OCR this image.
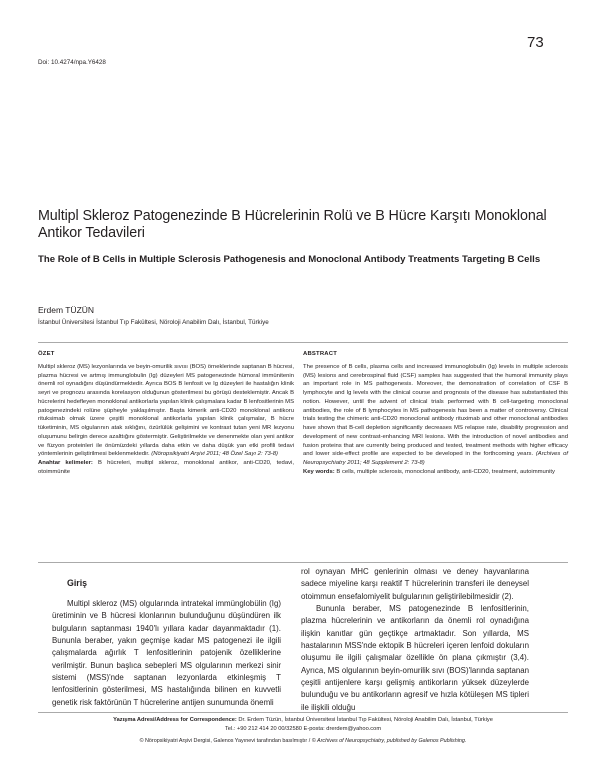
73
Doi: 10.4274/npa.Y6428
Multipl Skleroz Patogenezinde B Hücrelerinin Rolü ve B Hücre Karşıtı Monoklonal Antikor Tedavileri
The Role of B Cells in Multiple Sclerosis Pathogenesis and Monoclonal Antibody Treatments Targeting B Cells
Erdem TÜZÜN
İstanbul Üniversitesi İstanbul Tıp Fakültesi, Nöroloji Anabilim Dalı, İstanbul, Türkiye
ÖZET
Multipl skleroz (MS) lezyonlarında ve beyin-omurilik sıvısı (BOS) örneklerinde saptanan B hücresi, plazma hücresi ve artmış immunglobulin (Ig) düzeyleri MS patogenezinde hümoral immünitenin önemli rol oynadığını düşündürmektedir. Ayrıca BOS B lenfosit ve Ig düzeyleri ile hastalığın klinik seyri ve prognozu arasında korelasyon olduğunun gösterilmesi bu görüşü desteklemiştir. Ancak B hücrelerini hedefleyen monoklonal antikorlarla yapılan klinik çalışmalara kadar B lenfositlerinin MS patogenezindeki rolüne şüpheyle yaklaşılmıştır. Başta kimerik anti-CD20 monoklonal antikoru rituksimab olmak üzere çeşitli monoklonal antikorlarla yapılan klinik çalışmalar, B hücre tüketiminin, MS olgularının atak sıklığını, özürlülük gelişimini ve kontrast tutan yeni MR lezyonu oluşumunu belirgin derece azalttığını göstermiştir. Geliştirilmekte ve denenmekte olan yeni antikor ve füzyon proteinleri ile önümüzdeki yıllarda daha etkin ve daha düşük yan etki profili tedavi yöntemlerinin geliştirilmesi beklenmektedir. (Nöropsikiyatri Arşivi 2011; 48 Özel Sayı 2: 73-8)
Anahtar kelimeler: B hücreleri, multipl skleroz, monoklonal antikor, anti-CD20, tedavi, otoimmünite
ABSTRACT
The presence of B cells, plasma cells and increased immunoglobulin (Ig) levels in multiple sclerosis (MS) lesions and cerebrospinal fluid (CSF) samples has suggested that the humoral immunity plays an important role in MS pathogenesis. Moreover, the demonstration of correlation of CSF B lymphocyte and Ig levels with the clinical course and prognosis of the disease has substantiated this notion. However, until the advent of clinical trials performed with B cell-targeting monoclonal antibodies, the role of B lymphocytes in MS pathogenesis has been a matter of controversy. Clinical trials testing the chimeric anti-CD20 monoclonal antibody rituximab and other monoclonal antibodies have shown that B-cell depletion significantly decreases MS relapse rate, disability progression and development of new contrast-enhancing MRI lesions. With the introduction of novel antibodies and fusion proteins that are currently being produced and tested, treatment methods with higher efficacy and lower side-effect profile are expected to be developed in the forthcoming years. (Archives of Neuropsychiatry 2011; 48 Supplement 2: 73-8)
Key words: B cells, multiple sclerosis, monoclonal antibody, anti-CD20, treatment, autoimmunity
Giriş

Multipl skleroz (MS) olgularında intratekal immünglobülin (Ig) üretiminin ve B hücresi klonlarının bulunduğunu düşündüren ilk bulguların saptanması 1940'lı yıllara kadar dayanmaktadır (1). Bununla beraber, yakın geçmişe kadar MS patogenezi ile ilgili çalışmalarda ağırlık T lenfositlerinin patojenik özelliklerine verilmiştir. Bunun başlıca sebepleri MS olgularının merkezi sinir sistemi (MSS)'nde saptanan lezyonlarda etkinleşmiş T lenfositlerinin gösterilmesi, MS hastalığında bilinen en kuvvetli genetik risk faktörünün T hücrelerine antijen sunumunda önemli

rol oynayan MHC genlerinin olması ve deney hayvanlarına sadece miyeline karşı reaktif T hücrelerinin transferi ile deneysel otoimmun ensefalomiyelit bulgularının geliştirilebilmesidir (2).

Bununla beraber, MS patogenezinde B lenfositlerinin, plazma hücrelerinin ve antikorların da önemli rol oynadığına ilişkin kanıtlar gün geçtikçe artmaktadır. Son yıllarda, MS hastalarının MSS'nde ektopik B hücreleri içeren lenfoid dokuların oluşumu ile ilgili çalışmalar özellikle ön plana çıkmıştır (3,4). Ayrıca, MS olgularının beyin-omurilik sıvı (BOS)'larında saptanan çeşitli antijenlere karşı gelişmiş antikorların yüksek düzeylerde bulunduğu ve bu antikorların agresif ve hızla kötüleşen MS tipleri ile ilişkili olduğu

Yazışma Adresi/Address for Correspondence: Dr. Erdem Tüzün, İstanbul Üniversitesi İstanbul Tıp Fakültesi, Nöroloji Anabilim Dalı, İstanbul, Türkiye
Tel.: +90 212 414 20 00/32580 E-posta: drerdem@yahoo.com
© Nöropsikiyatri Arşivi Dergisi, Galenos Yayınevi tarafından basılmıştır / © Archives of Neuropsychiatry, published by Galenos Publishing.
